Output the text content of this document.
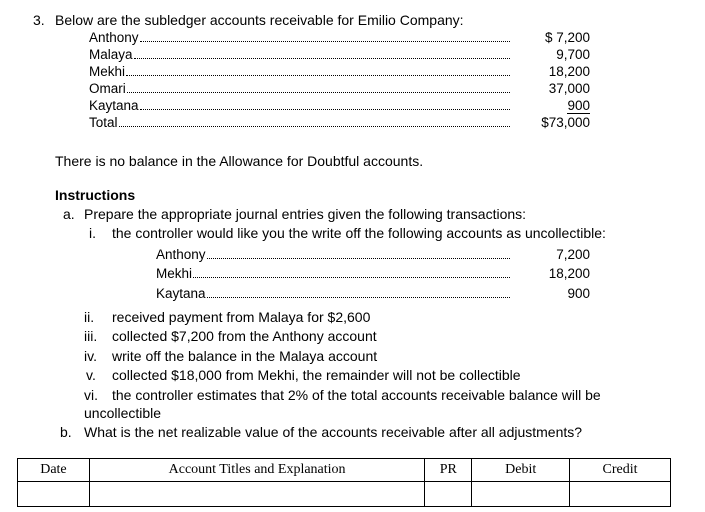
3. Below are the subledger accounts receivable for Emilio Company:
Anthony	$ 7,200
Malaya	9,700
Mekhi	18,200
Omari	37,000
Kaytana	900
Total	$73,000
There is no balance in the Allowance for Doubtful accounts.
Instructions
a. Prepare the appropriate journal entries given the following transactions:
i. the controller would like you the write off the following accounts as uncollectible:
Anthony	7,200
Mekhi	18,200
Kaytana	900
ii. received payment from Malaya for $2,600
iii. collected $7,200 from the Anthony account
iv. write off the balance in the Malaya account
v. collected $18,000 from Mekhi, the remainder will not be collectible
vi. the controller estimates that 2% of the total accounts receivable balance will be
uncollectible
b. What is the net realizable value of the accounts receivable after all adjustments?
Date	Account Titles and Explanation	PR	Debit	Credit
